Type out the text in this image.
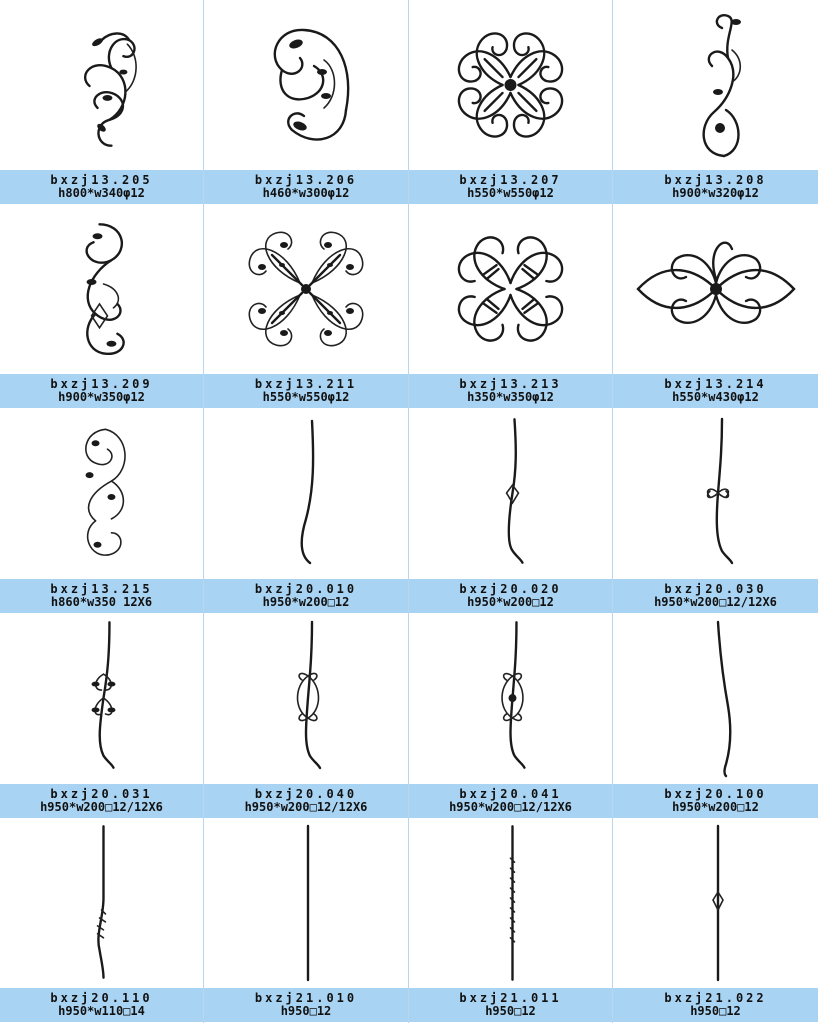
bxzj13.205
h800*w340φ12
bxzj13.206
h460*w300φ12
bxzj13.207
h550*w550φ12
bxzj13.208
h900*w320φ12
bxzj13.209
h900*w350φ12
bxzj13.211
h550*w550φ12
bxzj13.213
h350*w350φ12
bxzj13.214
h550*w430φ12
bxzj13.215
h860*w350 12X6
bxzj20.010
h950*w200□12
bxzj20.020
h950*w200□12
bxzj20.030
h950*w200□12/12X6
bxzj20.031
h950*w200□12/12X6
bxzj20.040
h950*w200□12/12X6
bxzj20.041
h950*w200□12/12X6
bxzj20.100
h950*w200□12
bxzj20.110
h950*w110□14
bxzj21.010
h950□12
bxzj21.011
h950□12
bxzj21.022
h950□12
